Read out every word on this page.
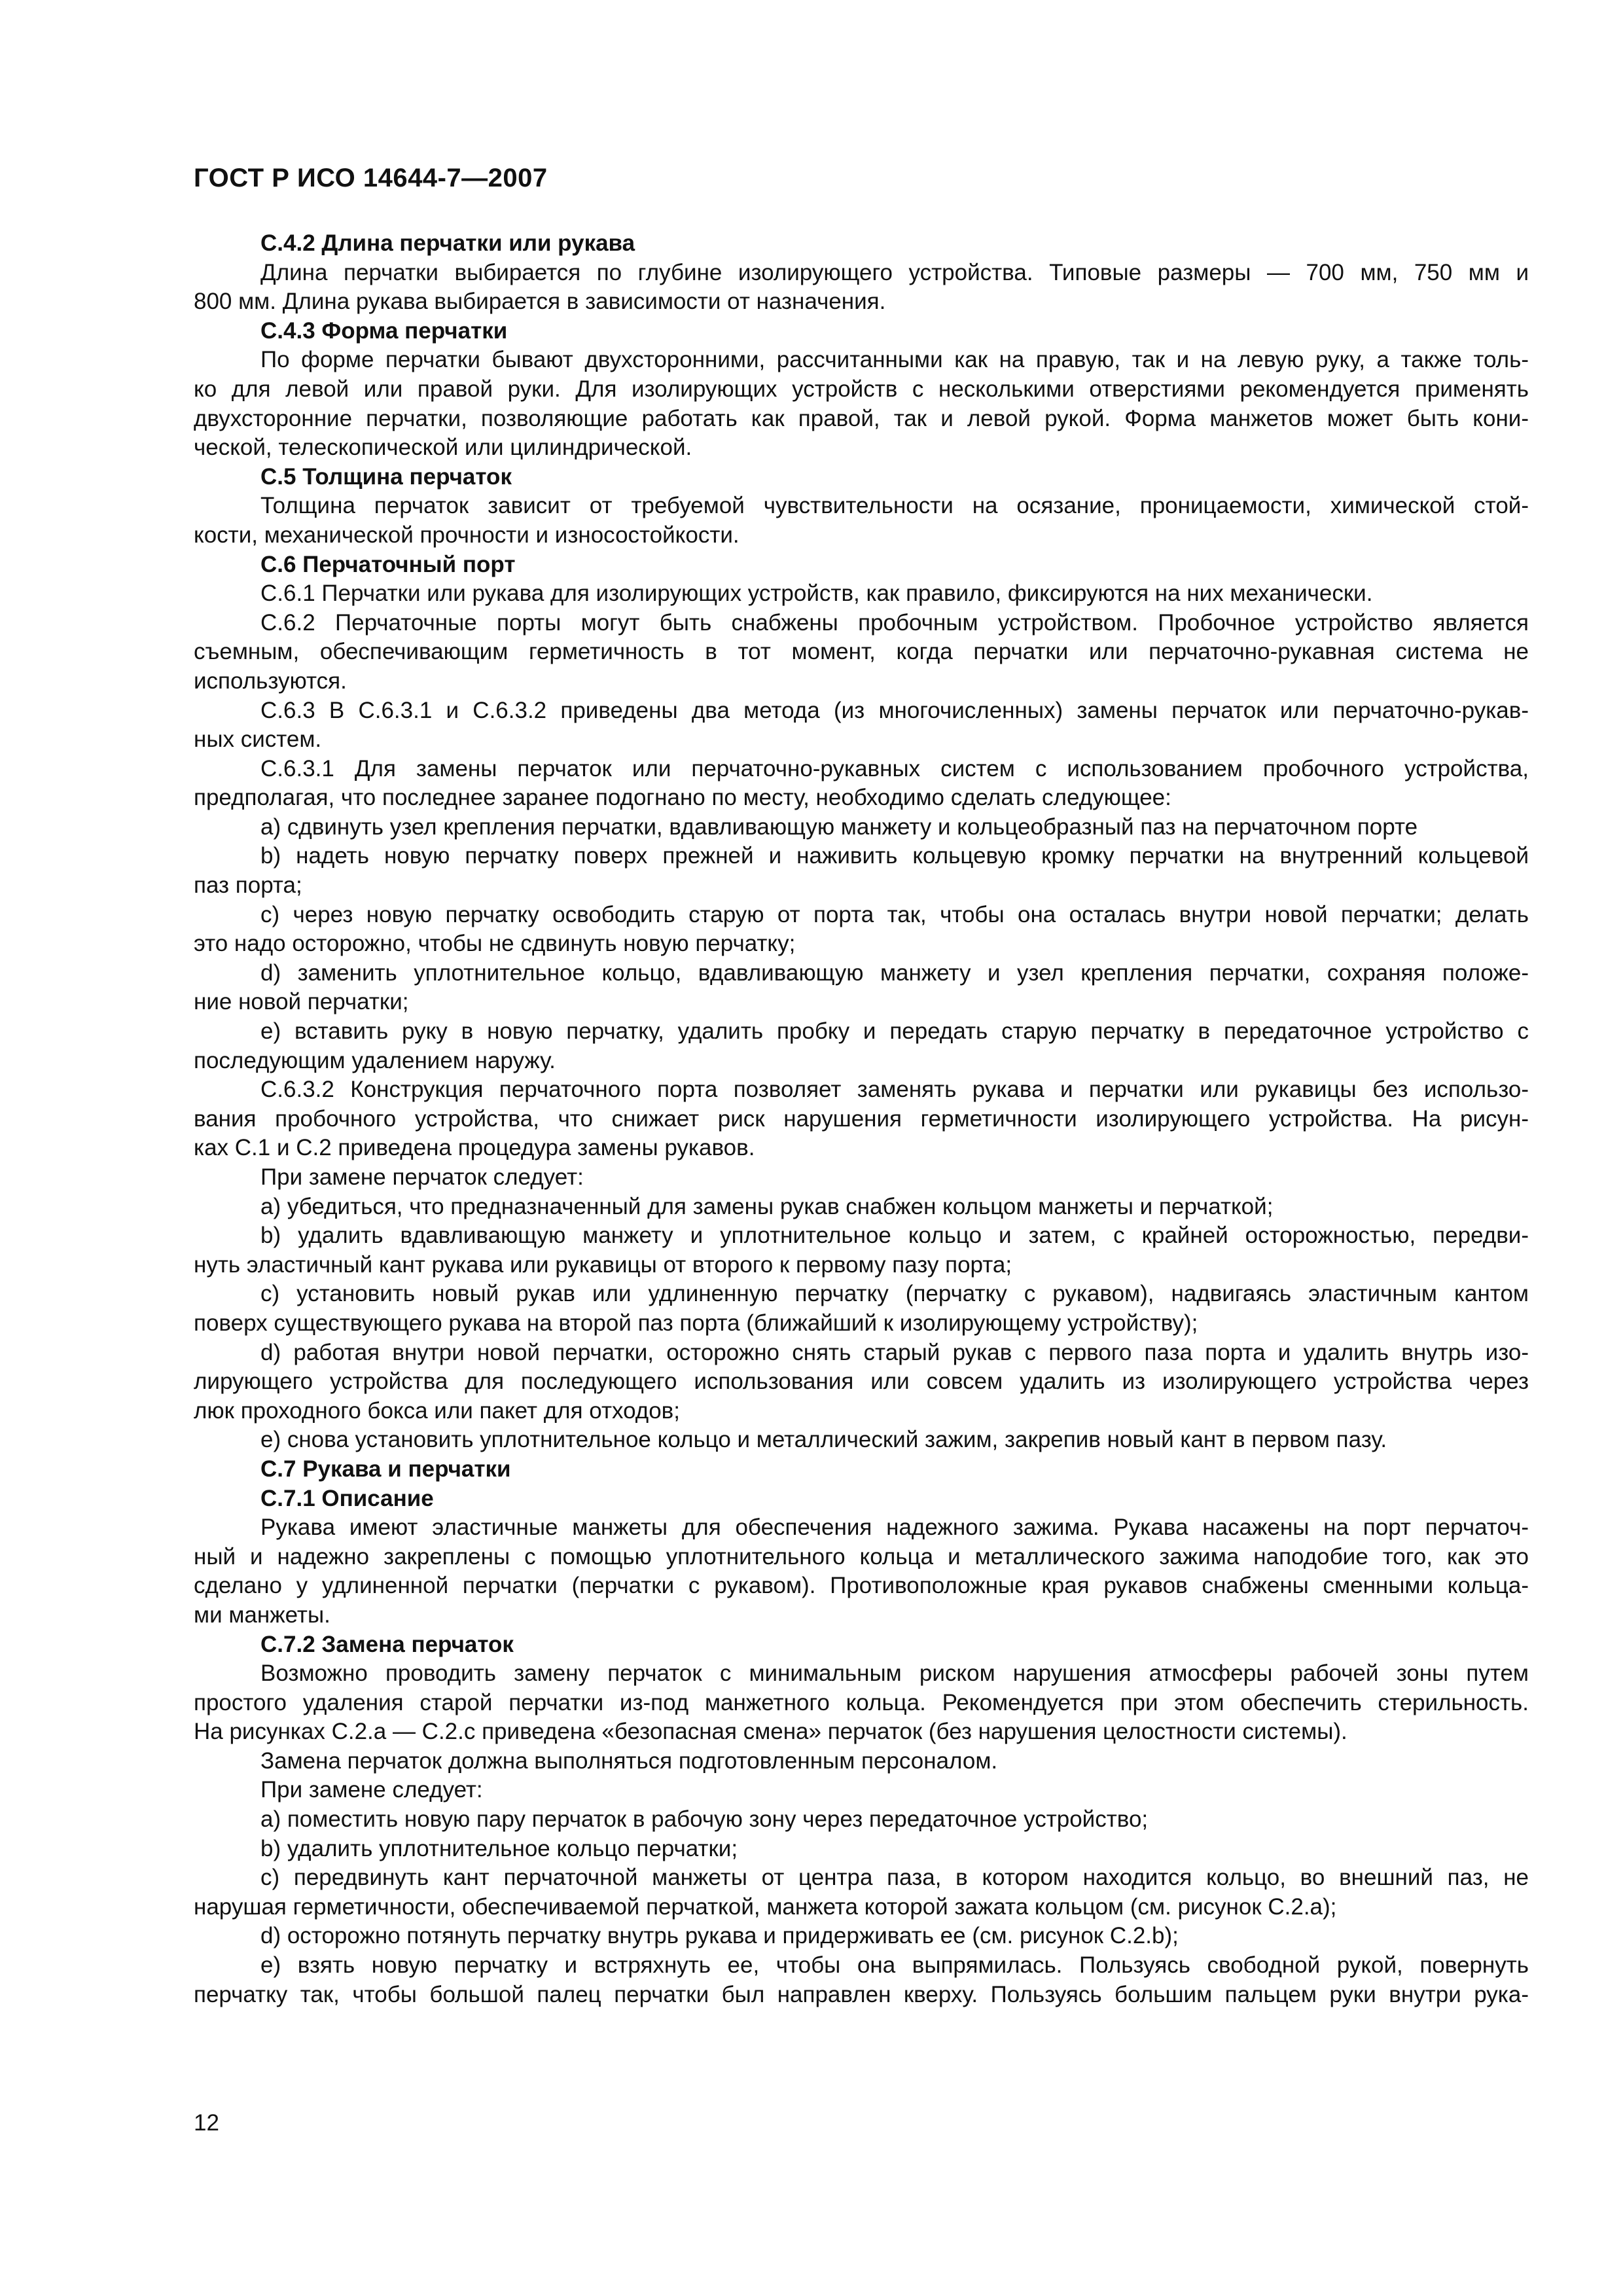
ГОСТ Р ИСО 14644-7—2007
С.4.2 Длина перчатки или рукава
Длина перчатки выбирается по глубине изолирующего устройства. Типовые размеры — 700 мм, 750 мм и
800 мм. Длина рукава выбирается в зависимости от назначения.
С.4.3 Форма перчатки
По форме перчатки бывают двухсторонними, рассчитанными как на правую, так и на левую руку, а также толь-
ко для левой или правой руки. Для изолирующих устройств с несколькими отверстиями рекомендуется применять
двухсторонние перчатки, позволяющие работать как правой, так и левой рукой. Форма манжетов может быть кони-
ческой, телескопической или цилиндрической.
С.5 Толщина перчаток
Толщина перчаток зависит от требуемой чувствительности на осязание, проницаемости, химической стой-
кости, механической прочности и износостойкости.
С.6 Перчаточный порт
С.6.1 Перчатки или рукава для изолирующих устройств, как правило, фиксируются на них механически.
С.6.2 Перчаточные порты могут быть снабжены пробочным устройством. Пробочное устройство является
съемным, обеспечивающим герметичность в тот момент, когда перчатки или перчаточно-рукавная система не
используются.
С.6.3 В С.6.3.1 и С.6.3.2 приведены два метода (из многочисленных) замены перчаток или перчаточно-рукав-
ных систем.
С.6.3.1 Для замены перчаток или перчаточно-рукавных систем с использованием пробочного устройства,
предполагая, что последнее заранее подогнано по месту, необходимо сделать следующее:
a) сдвинуть узел крепления перчатки, вдавливающую манжету и кольцеобразный паз на перчаточном порте
b) надеть новую перчатку поверх прежней и наживить кольцевую кромку перчатки на внутренний кольцевой
паз порта;
c) через новую перчатку освободить старую от порта так, чтобы она осталась внутри новой перчатки; делать
это надо осторожно, чтобы не сдвинуть новую перчатку;
d) заменить уплотнительное кольцо, вдавливающую манжету и узел крепления перчатки, сохраняя положе-
ние новой перчатки;
e) вставить руку в новую перчатку, удалить пробку и передать старую перчатку в передаточное устройство с
последующим удалением наружу.
С.6.3.2 Конструкция перчаточного порта позволяет заменять рукава и перчатки или рукавицы без использо-
вания пробочного устройства, что снижает риск нарушения герметичности изолирующего устройства. На рисун-
ках С.1 и С.2 приведена процедура замены рукавов.
При замене перчаток следует:
a) убедиться, что предназначенный для замены рукав снабжен кольцом манжеты и перчаткой;
b) удалить вдавливающую манжету и уплотнительное кольцо и затем, с крайней осторожностью, передви-
нуть эластичный кант рукава или рукавицы от второго к первому пазу порта;
c) установить новый рукав или удлиненную перчатку (перчатку с рукавом), надвигаясь эластичным кантом
поверх существующего рукава на второй паз порта (ближайший к изолирующему устройству);
d) работая внутри новой перчатки, осторожно снять старый рукав с первого паза порта и удалить внутрь изо-
лирующего устройства для последующего использования или совсем удалить из изолирующего устройства через
люк проходного бокса или пакет для отходов;
e) снова установить уплотнительное кольцо и металлический зажим, закрепив новый кант в первом пазу.
С.7 Рукава и перчатки
С.7.1 Описание
Рукава имеют эластичные манжеты для обеспечения надежного зажима. Рукава насажены на порт перчаточ-
ный и надежно закреплены с помощью уплотнительного кольца и металлического зажима наподобие того, как это
сделано у удлиненной перчатки (перчатки с рукавом). Противоположные края рукавов снабжены сменными кольца-
ми манжеты.
С.7.2 Замена перчаток
Возможно проводить замену перчаток с минимальным риском нарушения атмосферы рабочей зоны путем
простого удаления старой перчатки из-под манжетного кольца. Рекомендуется при этом обеспечить стерильность.
На рисунках С.2.а — С.2.с приведена «безопасная смена» перчаток (без нарушения целостности системы).
Замена перчаток должна выполняться подготовленным персоналом.
При замене следует:
a) поместить новую пару перчаток в рабочую зону через передаточное устройство;
b) удалить уплотнительное кольцо перчатки;
c) передвинуть кант перчаточной манжеты от центра паза, в котором находится кольцо, во внешний паз, не
нарушая герметичности, обеспечиваемой перчаткой, манжета которой зажата кольцом (см. рисунок С.2.а);
d) осторожно потянуть перчатку внутрь рукава и придерживать ее (см. рисунок С.2.b);
e) взять новую перчатку и встряхнуть ее, чтобы она выпрямилась. Пользуясь свободной рукой, повернуть
перчатку так, чтобы большой палец перчатки был направлен кверху. Пользуясь большим пальцем руки внутри рука-
12
